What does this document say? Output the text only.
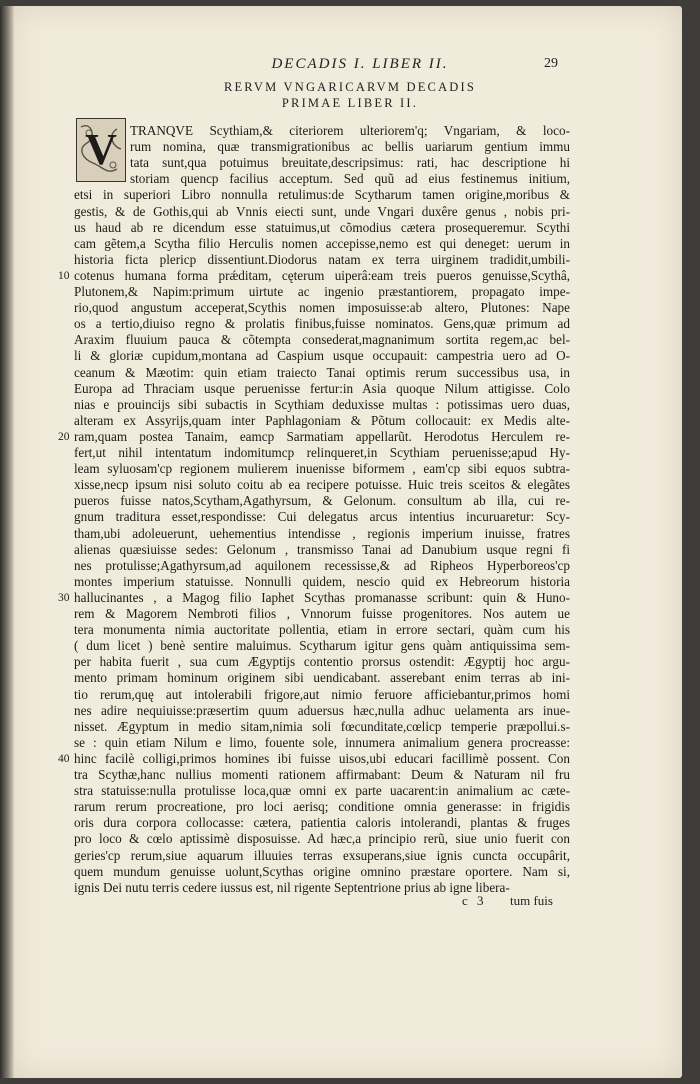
DECADIS I. LIBER II.	29
RERVM VNGARICARVM DECADIS
PRIMAE LIBER II.
V TRANQVE Scythiam,& citeriorem ulteriorem'q; Vngariam, & loco-
rum nomina, quæ transmigrationibus ac bellis uariarum gentium immu
tata sunt,qua potuimus breuitate,descripsimus: rati, hac descriptione hi
storiam quencp facilius acceptum. Sed quũ ad eius festinemus initium,
etsi in superiori Libro nonnulla retulimus:de Scytharum tamen origine,moribus &
gestis, & de Gothis,qui ab Vnnis eiecti sunt, unde Vngari duxêre genus , nobis pri-
us haud ab re dicendum esse statuimus,ut cõmodius cætera prosequeremur. Scythi
cam gẽtem,a Scytha filio Herculis nomen accepisse,nemo est qui deneget: uerum in
historia ficta plericp dissentiunt.Diodorus natam ex terra uirginem tradidit,umbili-
cotenus humana forma prǽditam, cęterum uiperâ:eam treis pueros genuisse,Scythâ,
Plutonem,& Napim:primum uirtute ac ingenio præstantiorem, propagato impe-
rio,quod angustum acceperat,Scythis nomen imposuisse:ab altero, Plutones: Nape
os a tertio,diuiso regno & prolatis finibus,fuisse nominatos. Gens,quæ primum ad
Araxim fluuium pauca & cõtempta consederat,magnanimum sortita regem,ac bel-
li & gloriæ cupidum,montana ad Caspium usque occupauit: campestria uero ad O-
ceanum & Mæotim: quin etiam traiecto Tanai optimis rerum successibus usa, in
Europa ad Thraciam usque peruenisse fertur:in Asia quoque Nilum attigisse. Colo
nias e prouincijs sibi subactis in Scythiam deduxisse multas : potissimas uero duas,
alteram ex Assyrijs,quam inter Paphlagoniam & Põtum collocauit: ex Medis alte-
ram,quam postea Tanaim, eamcp Sarmatiam appellarũt. Herodotus Herculem re-
fert,ut nihil intentatum indomitumcp relinqueret,in Scythiam peruenisse;apud Hy-
leam syluosam'cp regionem mulierem inuenisse biformem , eam'cp sibi equos subtra-
xisse,necp ipsum nisi soluto coitu ab ea recipere potuisse. Huic treis sceitos & elegãtes
pueros fuisse natos,Scytham,Agathyrsum, & Gelonum. consultum ab illa, cui re-
gnum traditura esset,respondisse: Cui delegatus arcus intentius incuruaretur: Scy-
tham,ubi adoleuerunt, uehementius intendisse , regionis imperium inuisse, fratres
alienas quæsiuisse sedes: Gelonum , transmisso Tanai ad Danubium usque regni fi
nes protulisse;Agathyrsum,ad aquilonem recessisse,& ad Ripheos Hyperboreos'cp
montes imperium statuisse. Nonnulli quidem, nescio quid ex Hebreorum historia
hallucinantes , a Magog filio Iaphet Scythas promanasse scribunt: quin & Huno-
rem & Magorem Nembroti filios , Vnnorum fuisse progenitores. Nos autem ue
tera monumenta nimia auctoritate pollentia, etiam in errore sectari, quàm cum his
( dum licet ) benè sentire maluimus. Scytharum igitur gens quàm antiquissima sem-
per habita fuerit , sua cum Ægyptijs contentio prorsus ostendit: Ægyptij hoc argu-
mento primam hominum originem sibi uendicabant. asserebant enim terras ab ini-
tio rerum,quę aut intolerabili frigore,aut nimio feruore afficiebantur,primos homi
nes adire nequiuisse:præsertim quum aduersus hæc,nulla adhuc uelamenta ars inue-
nisset. Ægyptum in medio sitam,nimia soli fœcunditate,cœlicp temperie præpollui.s-
se : quin etiam Nilum e limo, fouente sole, innumera animalium genera procreasse:
hinc facilè colligi,primos homines ibi fuisse uisos,ubi educari facillimè possent. Con
tra Scythæ,hanc nullius momenti rationem affirmabant: Deum & Naturam nil fru
stra statuisse:nulla protulisse loca,quæ omni ex parte uacarent:in animalium ac cæte-
rarum rerum procreatione, pro loci aerisq; conditione omnia generasse: in frigidis
oris dura corpora collocasse: cætera, patientia caloris intolerandi, plantas & fruges
pro loco & cœlo aptissimè disposuisse. Ad hæc,a principio rerũ, siue unio fuerit con
geries'cp rerum,siue aquarum illuuies terras exsuperans,siue ignis cuncta occupârit,
quem mundum genuisse uolunt,Scythas origine omnino præstare oportere. Nam si,
ignis Dei nutu terris cedere iussus est, nil rigente Septentrione prius ab igne libera-
10
20
30
40
c 3 tum fuis
